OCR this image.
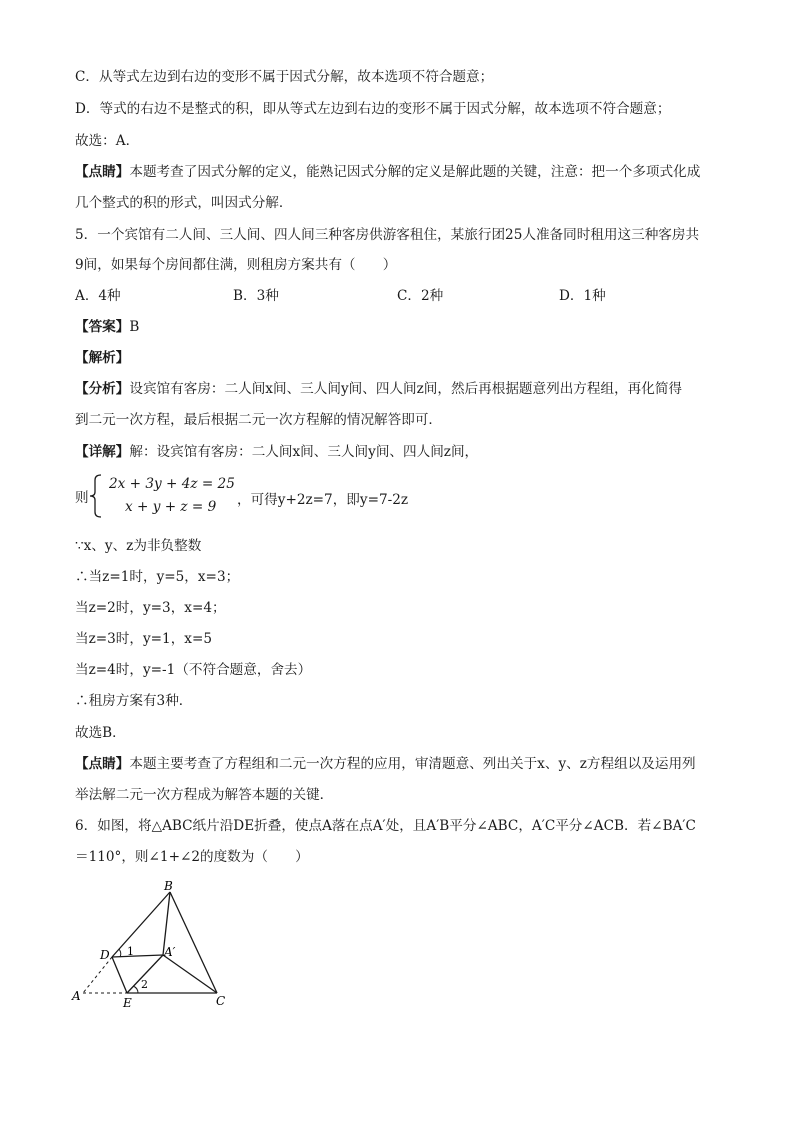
C．从等式左边到右边的变形不属于因式分解，故本选项不符合题意；
D．等式的右边不是整式的积，即从等式左边到右边的变形不属于因式分解，故本选项不符合题意；
故选：A．
【点睛】本题考查了因式分解的定义，能熟记因式分解的定义是解此题的关键，注意：把一个多项式化成
几个整式的积的形式，叫因式分解．
5．一个宾馆有二人间、三人间、四人间三种客房供游客租住，某旅行团25人准备同时租用这三种客房共
9间，如果每个房间都住满，则租房方案共有（　　）
A．4种	B．3种	C．2种	D．1种
【答案】B
【解析】
【分析】设宾馆有客房：二人间x间、三人间y间、四人间z间，然后再根据题意列出方程组，再化简得
到二元一次方程，最后根据二元一次方程解的情况解答即可．
【详解】解：设宾馆有客房：二人间x间、三人间y间、四人间z间，
则
2x + 3y + 4z = 25
x + y + z = 9 ，可得y+2z=7，即y=7-2z
∵x、y、z为非负整数
∴当z=1时，y=5，x=3；
当z=2时，y=3，x=4；
当z=3时，y=1，x=5
当z=4时，y=-1（不符合题意，舍去）
∴租房方案有3种．
故选B．
【点睛】本题主要考查了方程组和二元一次方程的应用，审清题意、列出关于x、y、z方程组以及运用列
举法解二元一次方程成为解答本题的关键．
6．如图，将△ABC纸片沿DE折叠，使点A落在点A′处，且A′B平分∠ABC，A′C平分∠ACB．若∠BA′C
＝110°，则∠1+∠2的度数为（　　）
B
D	A′
A	E	C
1
2
